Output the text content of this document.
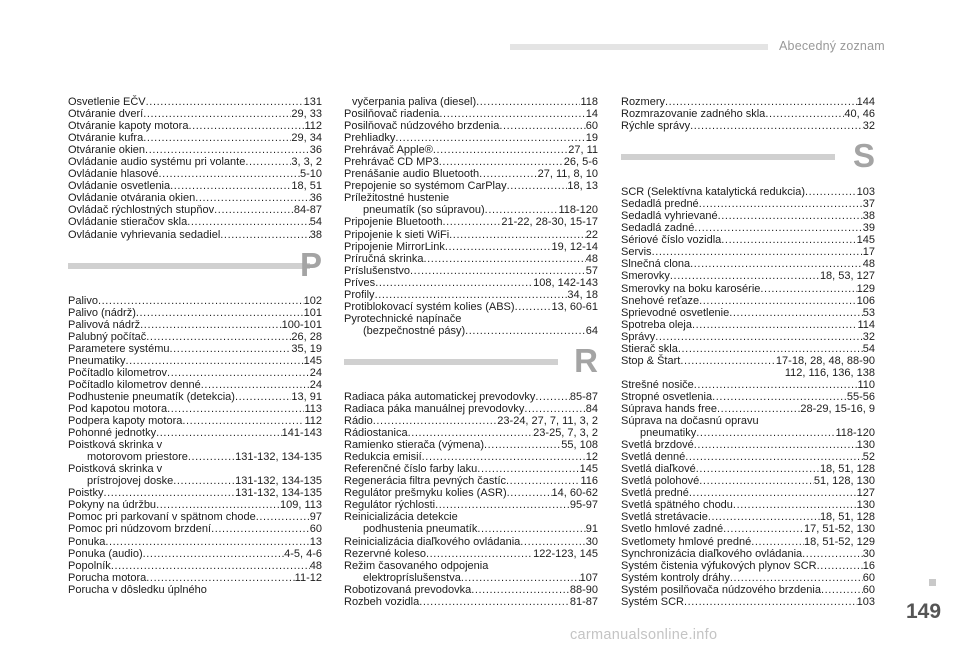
Abecedný zoznam
Osvetlenie EČV .....	131
Otváranie dverí .....	29, 33
Otváranie kapoty motora .....	112
Otváranie kufra .....	29, 34
Otváranie okien .....	36
Ovládanie audio systému pri volante .....	3, 3, 2
Ovládanie hlasové .....	5-10
Ovládanie osvetlenia .....	18, 51
Ovládanie otvárania okien .....	36
Ovládač rýchlostných stupňov .....	84-87
Ovládanie stieračov skla .....	54
Ovládanie vyhrievania sedadiel .....	38
P
Palivo .....	102
Palivo (nádrž) .....	101
Palivová nádrž .....	100-101
Palubný počítač .....	26, 28
Parametere systému .....	35, 19
Pneumatiky .....	145
Počítadlo kilometrov .....	24
Počítadlo kilometrov denné .....	24
Podhustenie pneumatík (detekcia) .....	13, 91
Pod kapotou motora .....	113
Podpera kapoty motora .....	112
Pohonné jednotky .....	141-143
Poistková skrinka v
motorovom priestore .....	131-132, 134-135
Poistková skrinka v
prístrojovej doske .....	131-132, 134-135
Poistky .....	131-132, 134-135
Pokyny na údržbu .....	109, 113
Pomoc pri parkovaní v spätnom chode .....	97
Pomoc pri núdzovom brzdení .....	60
Ponuka .....	13
Ponuka (audio) .....	4-5, 4-6
Popolník .....	48
Porucha motora .....	11-12
Porucha v dôsledku úplného
vyčerpania paliva (diesel) .....	118
Posilňovač riadenia .....	14
Posilňovač núdzového brzdenia .....	60
Prehliadky .....	19
Prehrávač Apple® .....	27, 11
Prehrávač CD MP3 .....	26, 5-6
Prenášanie audio Bluetooth .....	27, 11, 8, 10
Prepojenie so systémom CarPlay .....	18, 13
Príležitostné hustenie
pneumatík (so súpravou) .....	118-120
Pripojenie Bluetooth .....	21-22, 28-30, 15-17
Pripojenie k sieti WiFi .....	22
Pripojenie MirrorLink .....	19, 12-14
Príručná skrinka .....	48
Príslušenstvo .....	57
Príves .....	108, 142-143
Profily .....	34, 18
Protiblokovací systém kolies (ABS) .....	13, 60-61
Pyrotechnické napínače
(bezpečnostné pásy) .....	64
R
Radiaca páka automatickej prevodovky .....	85-87
Radiaca páka manuálnej prevodovky .....	84
Rádio .....	23-24, 27, 7, 11, 3, 2
Rádiostanica .....	23-25, 7, 3, 2
Ramienko stierača (výmena) .....	55, 108
Redukcia emisií .....	12
Referenčné číslo farby laku .....	145
Regenerácia filtra pevných častíc .....	116
Regulátor prešmyku kolies (ASR) .....	14, 60-62
Regulátor rýchlosti .....	95-97
Reinicializácia detekcie
podhustenia pneumatík .....	91
Reinicializácia diaľkového ovládania .....	30
Rezervné koleso .....	122-123, 145
Režim časovaného odpojenia
elektropríslušenstva .....	107
Robotizovaná prevodovka .....	88-90
Rozbeh vozidla .....	81-87
Rozmery .....	144
Rozmrazovanie zadného skla .....	40, 46
Rýchle správy .....	32
S
SCR (Selektívna katalytická redukcia) .....	103
Sedadlá predné .....	37
Sedadlá vyhrievané .....	38
Sedadlá zadné .....	39
Sériové číslo vozidla .....	145
Servis .....	17
Slnečná clona .....	48
Smerovky .....	18, 53, 127
Smerovky na boku karosérie .....	129
Snehové reťaze .....	106
Sprievodné osvetlenie .....	53
Spotreba oleja .....	114
Správy .....	32
Stierač skla .....	54
Stop & Štart .....	17-18, 28, 48, 88-90
112, 116, 136, 138
Strešné nosiče .....	110
Stropné osvetlenia .....	55-56
Súprava hands free .....	28-29, 15-16, 9
Súprava na dočasnú opravu
pneumatiky .....	118-120
Svetlá brzdové .....	130
Svetlá denné .....	52
Svetlá diaľkové .....	18, 51, 128
Svetlá polohové .....	51, 128, 130
Svetlá predné .....	127
Svetlá spätného chodu .....	130
Svetlá stretávacie .....	18, 51, 128
Svetlo hmlové zadné .....	17, 51-52, 130
Svetlomety hmlové predné .....	18, 51-52, 129
Synchronizácia diaľkového ovládania .....	30
Systém čistenia výfukových plynov SCR .....	16
Systém kontroly dráhy .....	60
Systém posilňovača núdzového brzdenia .....	60
Systém SCR .....	103 149
carmanualsonline.info
